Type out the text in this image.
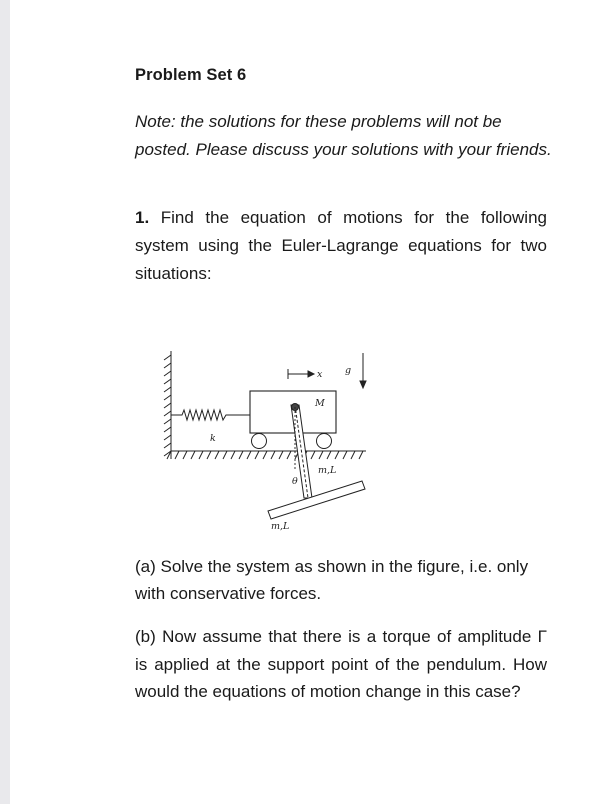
Problem Set 6
Note: the solutions for these problems will not be posted. Please discuss your solutions with your friends.
1. Find the equation of motions for the following system using the Euler-Lagrange equations for two situations:
x g
M
k
m,L
θ
m,L
(a) Solve the system as shown in the figure, i.e. only with conservative forces.
(b) Now assume that there is a torque of amplitude Γ is applied at the support point of the pendulum. How would the equations of motion change in this case?
